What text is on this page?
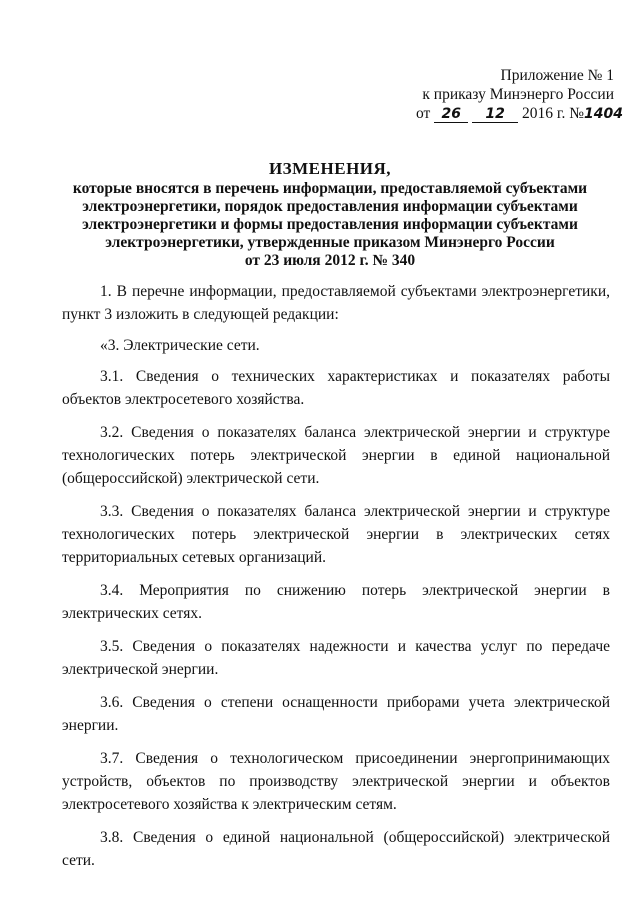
Приложение № 1
к приказу Минэнерго России
от 26 12 2016 г. №1404
ИЗМЕНЕНИЯ,
которые вносятся в перечень информации, предоставляемой субъектами
электроэнергетики, порядок предоставления информации субъектами
электроэнергетики и формы предоставления информации субъектами
электроэнергетики, утвержденные приказом Минэнерго России
от 23 июля 2012 г. № 340

1. В перечне информации, предоставляемой субъектами электроэнергетики, пункт 3 изложить в следующей редакции:

«3. Электрические сети.

3.1. Сведения о технических характеристиках и показателях работы объектов электросетевого хозяйства.

3.2. Сведения о показателях баланса электрической энергии и структуре технологических потерь электрической энергии в единой национальной (общероссийской) электрической сети.

3.3. Сведения о показателях баланса электрической энергии и структуре технологических потерь электрической энергии в электрических сетях территориальных сетевых организаций.

3.4. Мероприятия по снижению потерь электрической энергии в электрических сетях.

3.5. Сведения о показателях надежности и качества услуг по передаче электрической энергии.

3.6. Сведения о степени оснащенности приборами учета электрической энергии.

3.7. Сведения о технологическом присоединении энергопринимающих устройств, объектов по производству электрической энергии и объектов электросетевого хозяйства к электрическим сетям.

3.8. Сведения о единой национальной (общероссийской) электрической сети.
